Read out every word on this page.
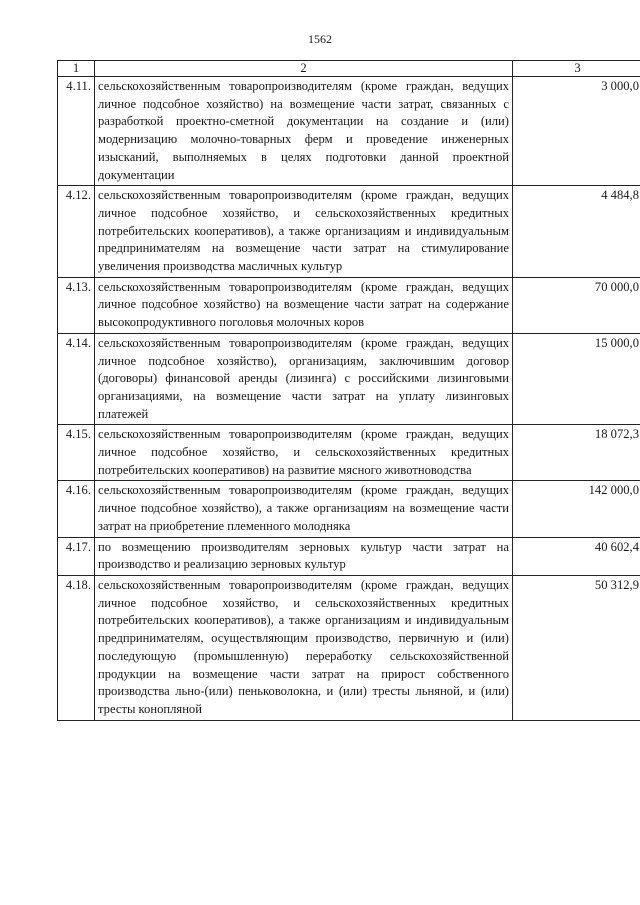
1562
1	2	3
4.11.	сельскохозяйственным товаропроизводителям (кроме граждан, ведущих личное подсобное хозяйство) на возмещение части затрат, связанных с разработкой проектно-сметной документации на создание и (или) модернизацию молочно-товарных ферм и проведение инженерных изысканий, выполняемых в целях подготовки данной проектной документации	3 000,0
4.12.	сельскохозяйственным товаропроизводителям (кроме граждан, ведущих личное подсобное хозяйство, и сельскохозяйственных кредитных потребительских кооперативов), а также организациям и индивидуальным предпринимателям на возмещение части затрат на стимулирование увеличения производства масличных культур	4 484,8
4.13.	сельскохозяйственным товаропроизводителям (кроме граждан, ведущих личное подсобное хозяйство) на возмещение части затрат на содержание высокопродуктивного поголовья молочных коров	70 000,0
4.14.	сельскохозяйственным товаропроизводителям (кроме граждан, ведущих личное подсобное хозяйство), организациям, заключившим договор (договоры) финансовой аренды (лизинга) с российскими лизинговыми организациями, на возмещение части затрат на уплату лизинговых платежей	15 000,0
4.15.	сельскохозяйственным товаропроизводителям (кроме граждан, ведущих личное подсобное хозяйство, и сельскохозяйственных кредитных потребительских кооперативов) на развитие мясного животноводства	18 072,3
4.16.	сельскохозяйственным товаропроизводителям (кроме граждан, ведущих личное подсобное хозяйство), а также организациям на возмещение части затрат на приобретение племенного молодняка	142 000,0
4.17.	по возмещению производителям зерновых культур части затрат на производство и реализацию зерновых культур	40 602,4
4.18.	сельскохозяйственным товаропроизводителям (кроме граждан, ведущих личное подсобное хозяйство, и сельскохозяйственных кредитных потребительских кооперативов), а также организациям и индивидуальным предпринимателям, осуществляющим производство, первичную и (или) последующую (промышленную) переработку сельскохозяйственной продукции на возмещение части затрат на прирост собственного производства льно-(или) пеньковолокна, и (или) тресты льняной, и (или) тресты конопляной	50 312,9
